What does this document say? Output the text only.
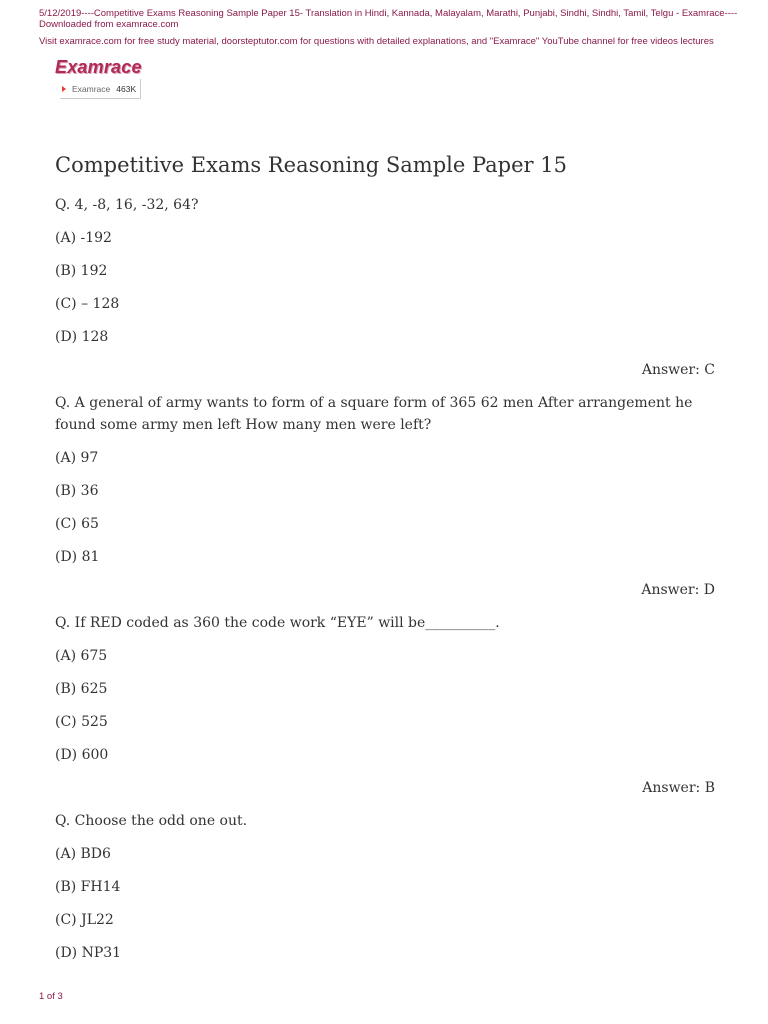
5/12/2019----Competitive Exams Reasoning Sample Paper 15- Translation in Hindi, Kannada, Malayalam, Marathi, Punjabi, Sindhi, Sindhi, Tamil, Telgu - Examrace----Downloaded from examrace.com

Visit examrace.com for free study material, doorsteptutor.com for questions with detailed explanations, and "Examrace" YouTube channel for free videos lectures

Examrace
Examrace 463K
Competitive Exams Reasoning Sample Paper 15

Q. 4, -8, 16, -32, 64?

(A) -192

(B) 192

(C) – 128

(D) 128

Answer: C

Q. A general of army wants to form of a square form of 365 62 men After arrangement he found some army men left How many men were left?

(A) 97

(B) 36

(C) 65

(D) 81

Answer: D

Q. If RED coded as 360 the code work “EYE” will be__________.

(A) 675

(B) 625

(C) 525

(D) 600

Answer: B

Q. Choose the odd one out.

(A) BD6

(B) FH14

(C) JL22

(D) NP31

1 of 3
